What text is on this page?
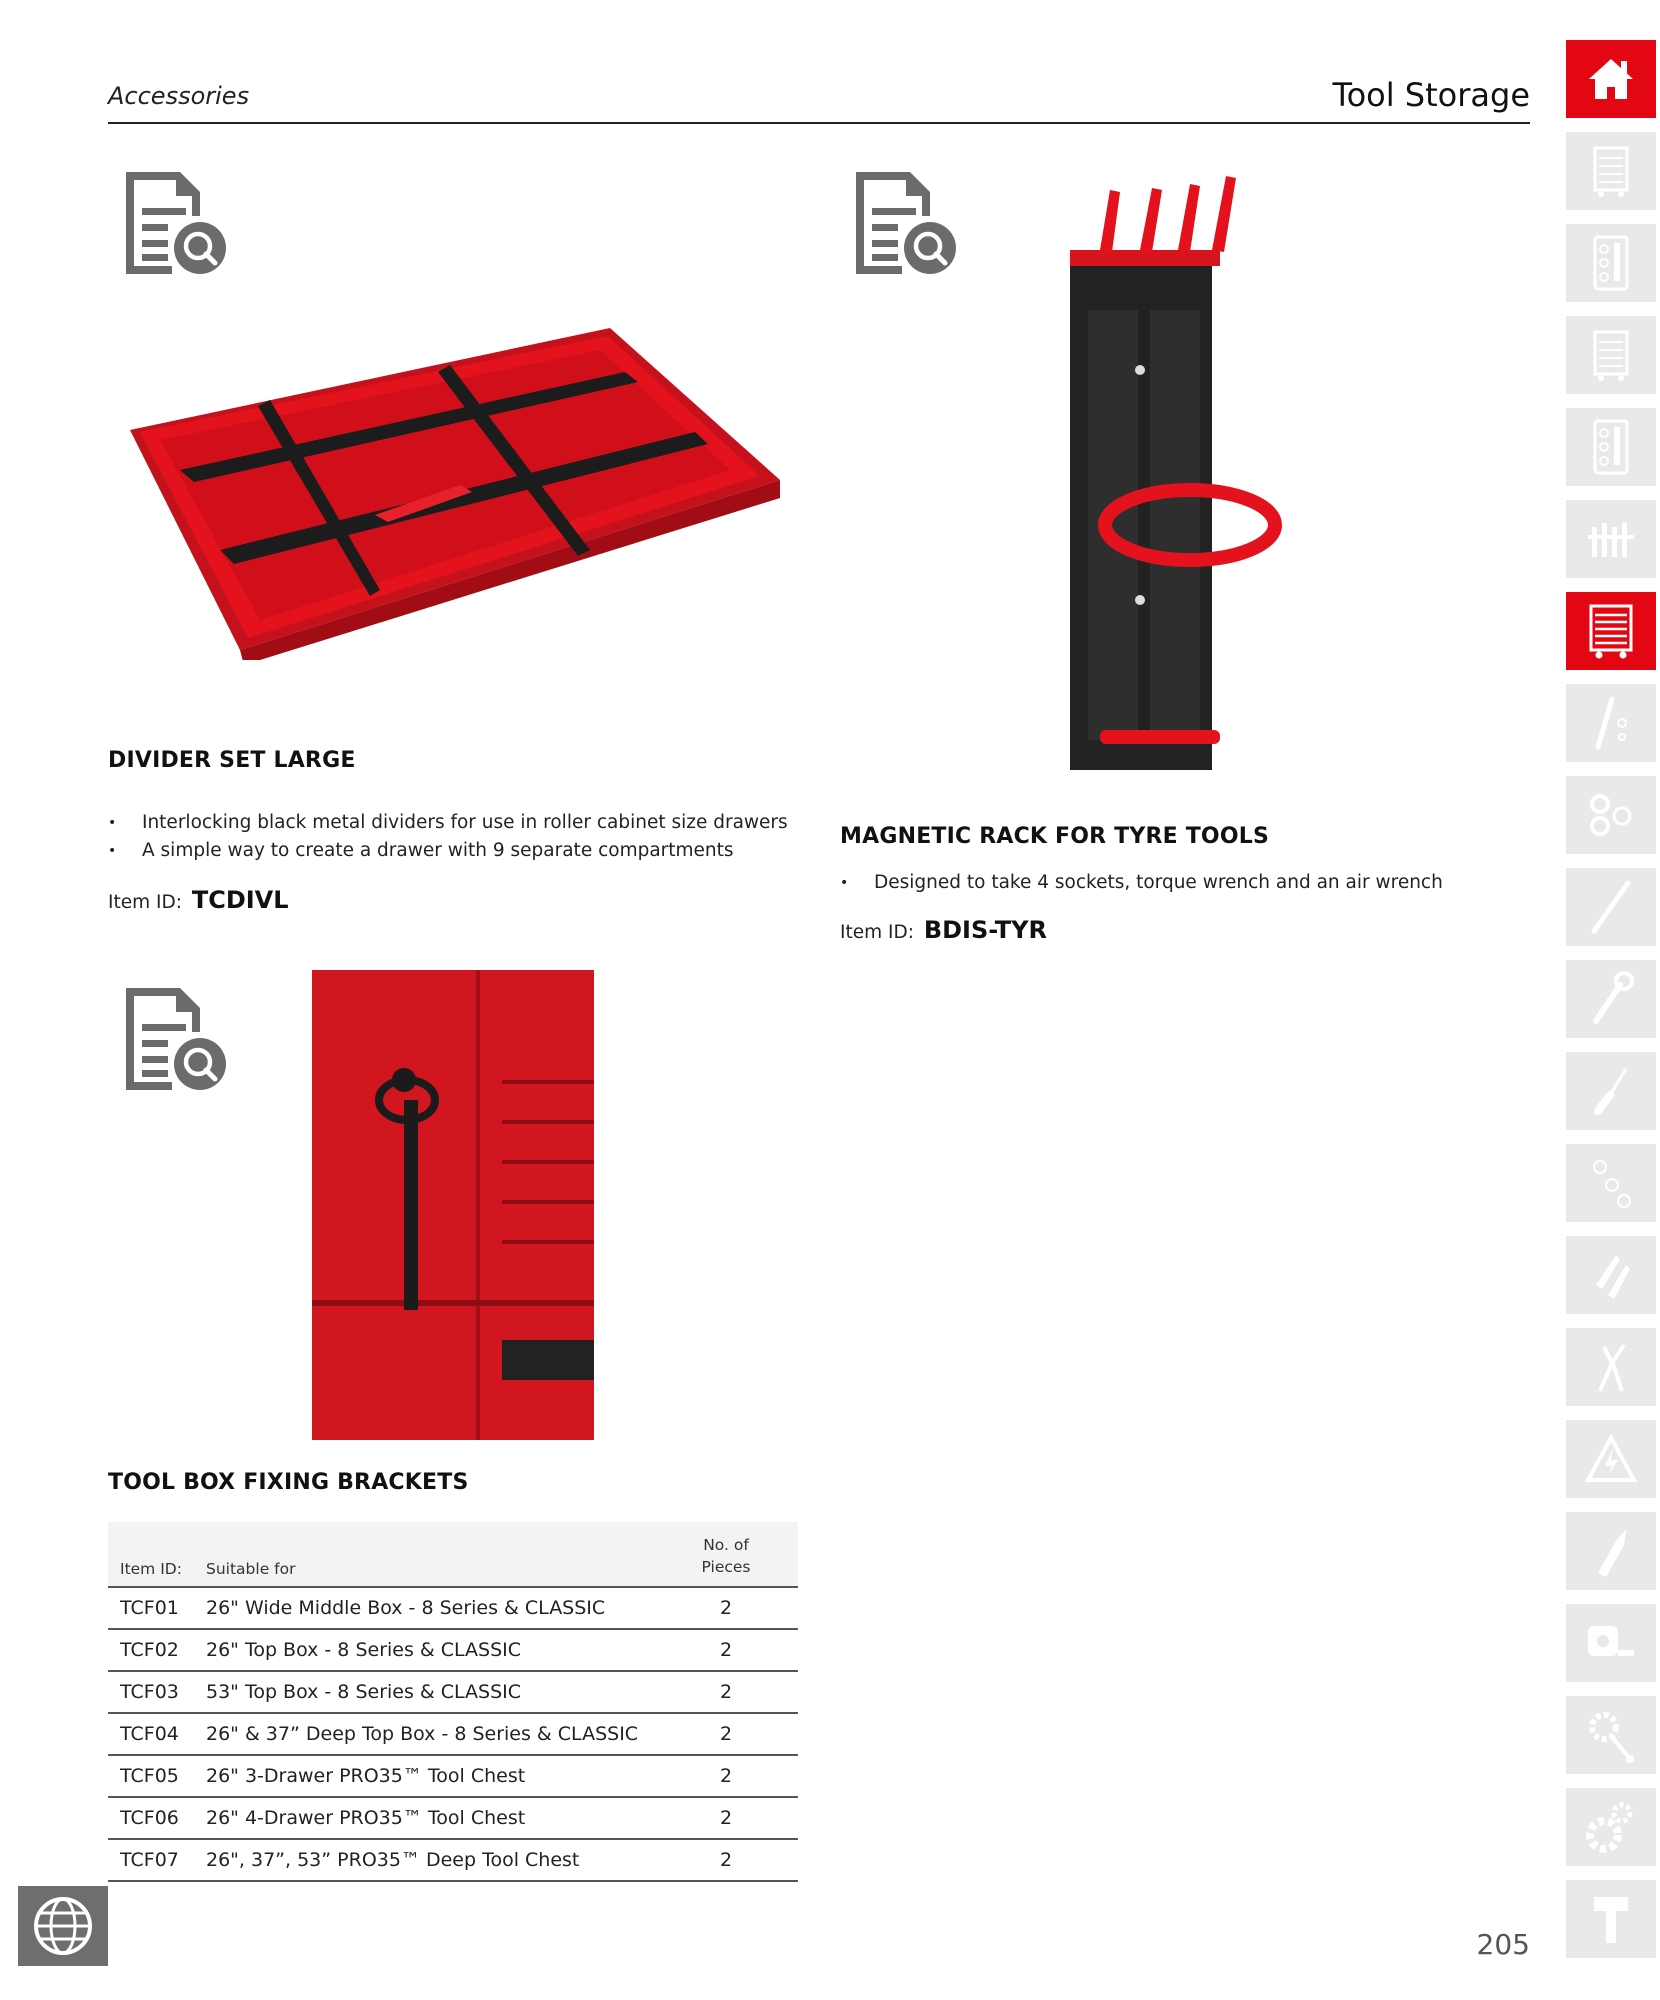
Accessories	Tool Storage
DIVIDER SET LARGE
• Interlocking black metal dividers for use in roller cabinet size drawers
• A simple way to create a drawer with 9 separate compartments
Item ID: TCDIVL
MAGNETIC RACK FOR TYRE TOOLS
• Designed to take 4 sockets, torque wrench and an air wrench
Item ID: BDIS-TYR
TOOL BOX FIXING BRACKETS
Item ID:	Suitable for	No. of
Pieces
TCF01	26" Wide Middle Box - 8 Series & CLASSIC	2
TCF02	26" Top Box - 8 Series & CLASSIC	2
TCF03	53" Top Box - 8 Series & CLASSIC	2
TCF04	26" & 37” Deep Top Box - 8 Series & CLASSIC	2
TCF05	26" 3-Drawer PRO35™ Tool Chest	2
TCF06	26" 4-Drawer PRO35™ Tool Chest	2
TCF07	26", 37”, 53” PRO35™ Deep Tool Chest	2
205
